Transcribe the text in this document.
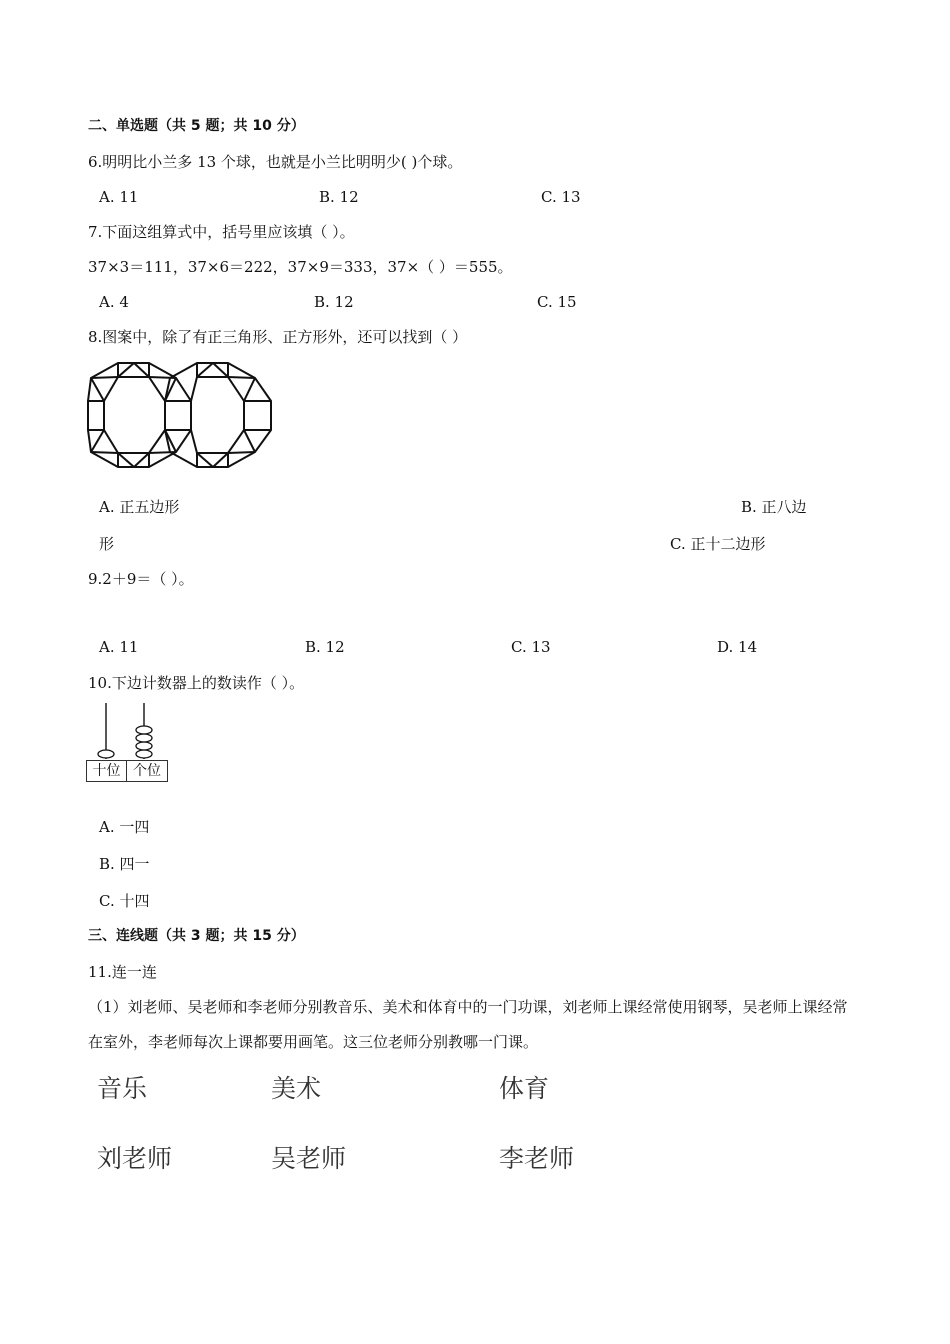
二、单选题（共 5 题；共 10 分）
6.明明比小兰多 13 个球，也就是小兰比明明少( )个球。
A. 11	B. 12	C. 13
7.下面这组算式中，括号里应该填（ ）。
37×3＝111，37×6＝222，37×9＝333，37×（ ）＝555。
A. 4	B. 12	C. 15
8.图案中，除了有正三角形、正方形外，还可以找到（ ）
A. 正五边形	B. 正八边
形	C. 正十二边形
9.2＋9＝（ ）。
A. 11	B. 12	C. 13	D. 14
10.下边计数器上的数读作（ ）。
十位 个位
A. 一四
B. 四一
C. 十四
三、连线题（共 3 题；共 15 分）
11.连一连
（1）刘老师、吴老师和李老师分别教音乐、美术和体育中的一门功课，刘老师上课经常使用钢琴，吴老师上课经常在室外，李老师每次上课都要用画笔。这三位老师分别教哪一门课。
音乐	美术	体育
刘老师	吴老师	李老师
